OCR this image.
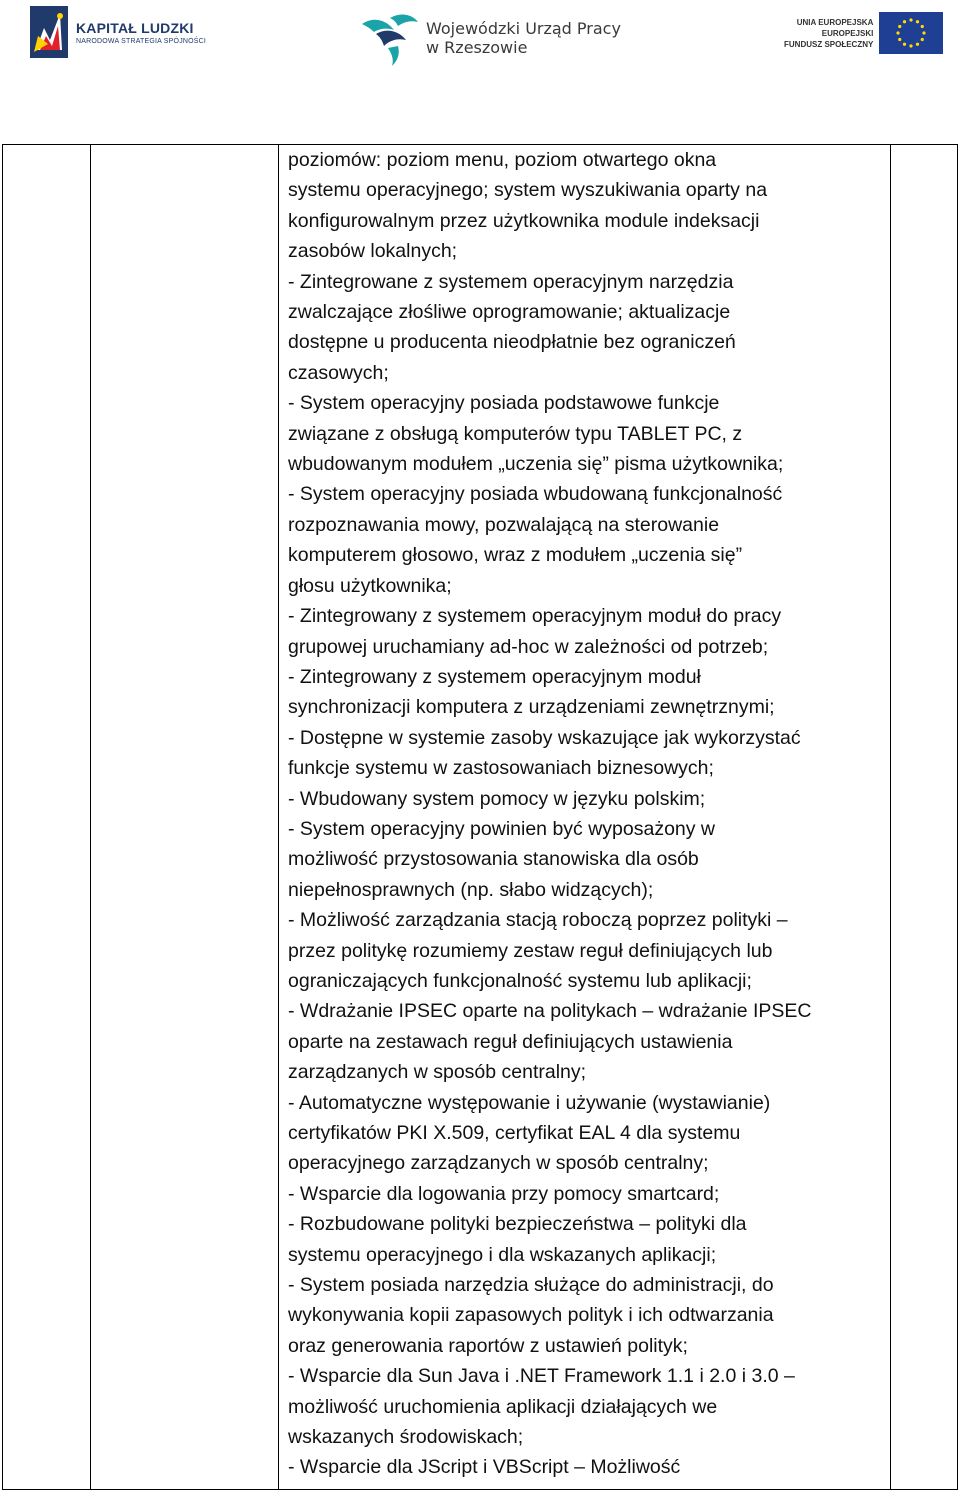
KAPITAŁ LUDZKI
NARODOWA STRATEGIA SPÓJNOŚCI
Wojewódzki Urząd Pracy
w Rzeszowie
UNIA EUROPEJSKA
EUROPEJSKI
FUNDUSZ SPOŁECZNY
poziomów: poziom menu, poziom otwartego okna
systemu operacyjnego; system wyszukiwania oparty na
konfigurowalnym przez użytkownika module indeksacji
zasobów lokalnych;
- Zintegrowane z systemem operacyjnym narzędzia
zwalczające złośliwe oprogramowanie; aktualizacje
dostępne u producenta nieodpłatnie bez ograniczeń
czasowych;
- System operacyjny posiada podstawowe funkcje
związane z obsługą komputerów typu TABLET PC, z
wbudowanym modułem „uczenia się” pisma użytkownika;
- System operacyjny posiada wbudowaną funkcjonalność
rozpoznawania mowy, pozwalającą na sterowanie
komputerem głosowo, wraz z modułem „uczenia się”
głosu użytkownika;
- Zintegrowany z systemem operacyjnym moduł do pracy
grupowej uruchamiany ad-hoc w zależności od potrzeb;
- Zintegrowany z systemem operacyjnym moduł
synchronizacji komputera z urządzeniami zewnętrznymi;
- Dostępne w systemie zasoby wskazujące jak wykorzystać
funkcje systemu w zastosowaniach biznesowych;
- Wbudowany system pomocy w języku polskim;
- System operacyjny powinien być wyposażony w
możliwość przystosowania stanowiska dla osób
niepełnosprawnych (np. słabo widzących);
- Możliwość zarządzania stacją roboczą poprzez polityki –
przez politykę rozumiemy zestaw reguł definiujących lub
ograniczających funkcjonalność systemu lub aplikacji;
- Wdrażanie IPSEC oparte na politykach – wdrażanie IPSEC
oparte na zestawach reguł definiujących ustawienia
zarządzanych w sposób centralny;
- Automatyczne występowanie i używanie (wystawianie)
certyfikatów PKI X.509, certyfikat EAL 4 dla systemu
operacyjnego zarządzanych w sposób centralny;
- Wsparcie dla logowania przy pomocy smartcard;
- Rozbudowane polityki bezpieczeństwa – polityki dla
systemu operacyjnego i dla wskazanych aplikacji;
- System posiada narzędzia służące do administracji, do
wykonywania kopii zapasowych polityk i ich odtwarzania
oraz generowania raportów z ustawień polityk;
- Wsparcie dla Sun Java i .NET Framework 1.1 i 2.0 i 3.0 –
możliwość uruchomienia aplikacji działających we
wskazanych środowiskach;
- Wsparcie dla JScript i VBScript – Możliwość
